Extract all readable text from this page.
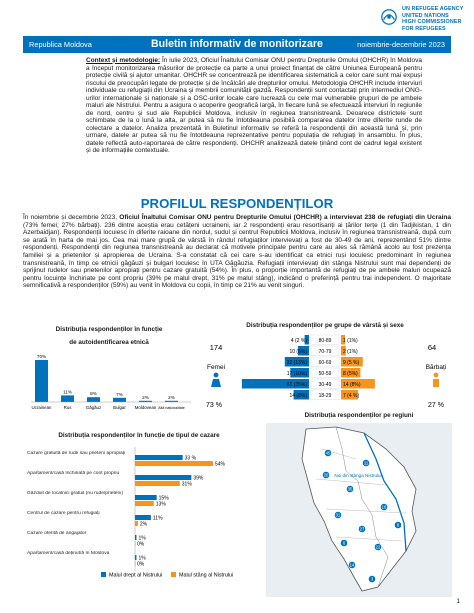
UN REFUGEE AGENCY
UNITED NATIONS
HIGH COMMISSIONER
FOR REFUGEES
Republica Moldova	Buletin informativ de monitorizare	noiembrie-decembrie 2023
Context și metodologie: În iulie 2023, Oficiul Înaltului Comisar ONU pentru Drepturile Omului (OHCHR) în Moldova a început monitorizarea măsurilor de protecție ca parte a unui proiect finanțat de către Uniunea Europeană pentru protecție civilă și ajutor umanitar. OHCHR se concentrează pe identificarea sistematică a celor care sunt mai expuși riscului de preocupări legate de protecție și de încălcări ale drepturilor omului. Metodologia OHCHR include interviuri individuale cu refugiații din Ucraina și membrii comunității gazdă. Respondenții sunt contactați prin intermediul ONG-urilor internaționale și naționale și a OSC-urilor locale care lucrează cu cele mai vulnerabile grupuri de pe ambele maluri ale Nistrului. Pentru a asigura o acoperire geografică largă, în fiecare lună se efectuează interviuri în regiunile de nord, centru și sud ale Republicii Moldova, inclusiv în regiunea transnistreană. Deoarece districtele sunt schimbate de la o lună la alta, ar putea să nu fie întotdeauna posibilă compararea datelor între diferite runde de colectare a datelor. Analiza prezentată în Buletinul informativ se referă la respondenții din această lună și, prin urmare, datele ar putea să nu fie întotdeauna reprezentative pentru populația de refugiați în ansamblu. În plus, datele reflectă auto-raportarea de către respondenți. OHCHR analizează datele ținând cont de cadrul legal existent și de informațiile contextuale.
PROFILUL RESPONDENȚILOR
În noiembrie și decembrie 2023, Oficiul Înaltului Comisar ONU pentru Drepturile Omului (OHCHR) a intervievat 238 de refugiați din Ucraina (73% femei; 27% bărbați). 236 dintre aceștia erau cetățeni ucraineni, iar 2 respondenți erau resortisanți ai țărilor terțe (1 din Tadjikistan, 1 din Azerbaidjan). Respondenții locuiesc în diferite raioane din nordul, sudul și centrul Republicii Moldova, inclusiv în regiunea transnistreană, după cum se arată în harta de mai jos. Cea mai mare grupă de vârstă în rândul refugiaților intervievați a fost de 30-49 de ani, reprezentând 51% dintre respondenți. Respondenții din regiunea transnistreană au declarat că motivele principale pentru care au ales să rămână acolo au fost prezența familiei și a prietenilor și apropierea de Ucraina. S-a constatat că cei care s-au identificat ca etnici ruși locuiesc predominant în regiunea transnistreană, în timp ce etnicii găgăuzi și bulgari locuiesc în UTA Găgăuzia. Refugiații intervievați din stânga Nistrului sunt mai dependenți de sprijinul rudelor sau prietenilor apropiați pentru cazare gratuită (54%). În plus, o proporție importantă de refugiați de pe ambele maluri ocupează pentru locuințe închiriate pe cont propriu (39% pe malul drept, 31% pe malul stâng), indicând o preferință pentru trai independent. O majoritate semnificativă a respondenților (59%) au venit în Moldova cu copii, în timp ce 21% au venit singuri.
Distribuția respondenților în funcție
de autoidentificarea etnică
70%
Ucrainean
11%
Rus
8%
Găgăuz
7%
Bulgar
2%
Moldovean
2%
Altă naționalitate
Distribuția respondenților pe grupe de vârstă și sexe
174
Femei
73 %
64
Bărbați
27 %
80-89
4 (2 %)	1 (1%)
70-79
10 (6%)	2 (1%)
60-69
22 (13%)	9 (5 %)
50-59
17 (10%)	8 (5%)
30-49
61 (35%)	14 (8%)
18-29
14 (8%)	7 (4 %)
Distribuția respondenților în funcție de tipul de cazare
Malul drept al Nistrului	Malul stâng al Nistrului
Cazare gratuită de rude sau prieteni apropiați
33 %
54%
Apartament/casă închiriată pe cont propriu
39%
31%
Găzduit de localnici gratuit (nu rude/prieteni)
15%
13%
Centrul de cazare pentru refugiați
11%
2%
Cazare oferită de angajator
1%
0%
Apartament/casă deținut/ă în Moldova
1%
0%
Distribuția respondenților pe regiuni
45
35
31
27
22
20
16
14
11
8
6
3
Noi din stânga Nistrului
1
